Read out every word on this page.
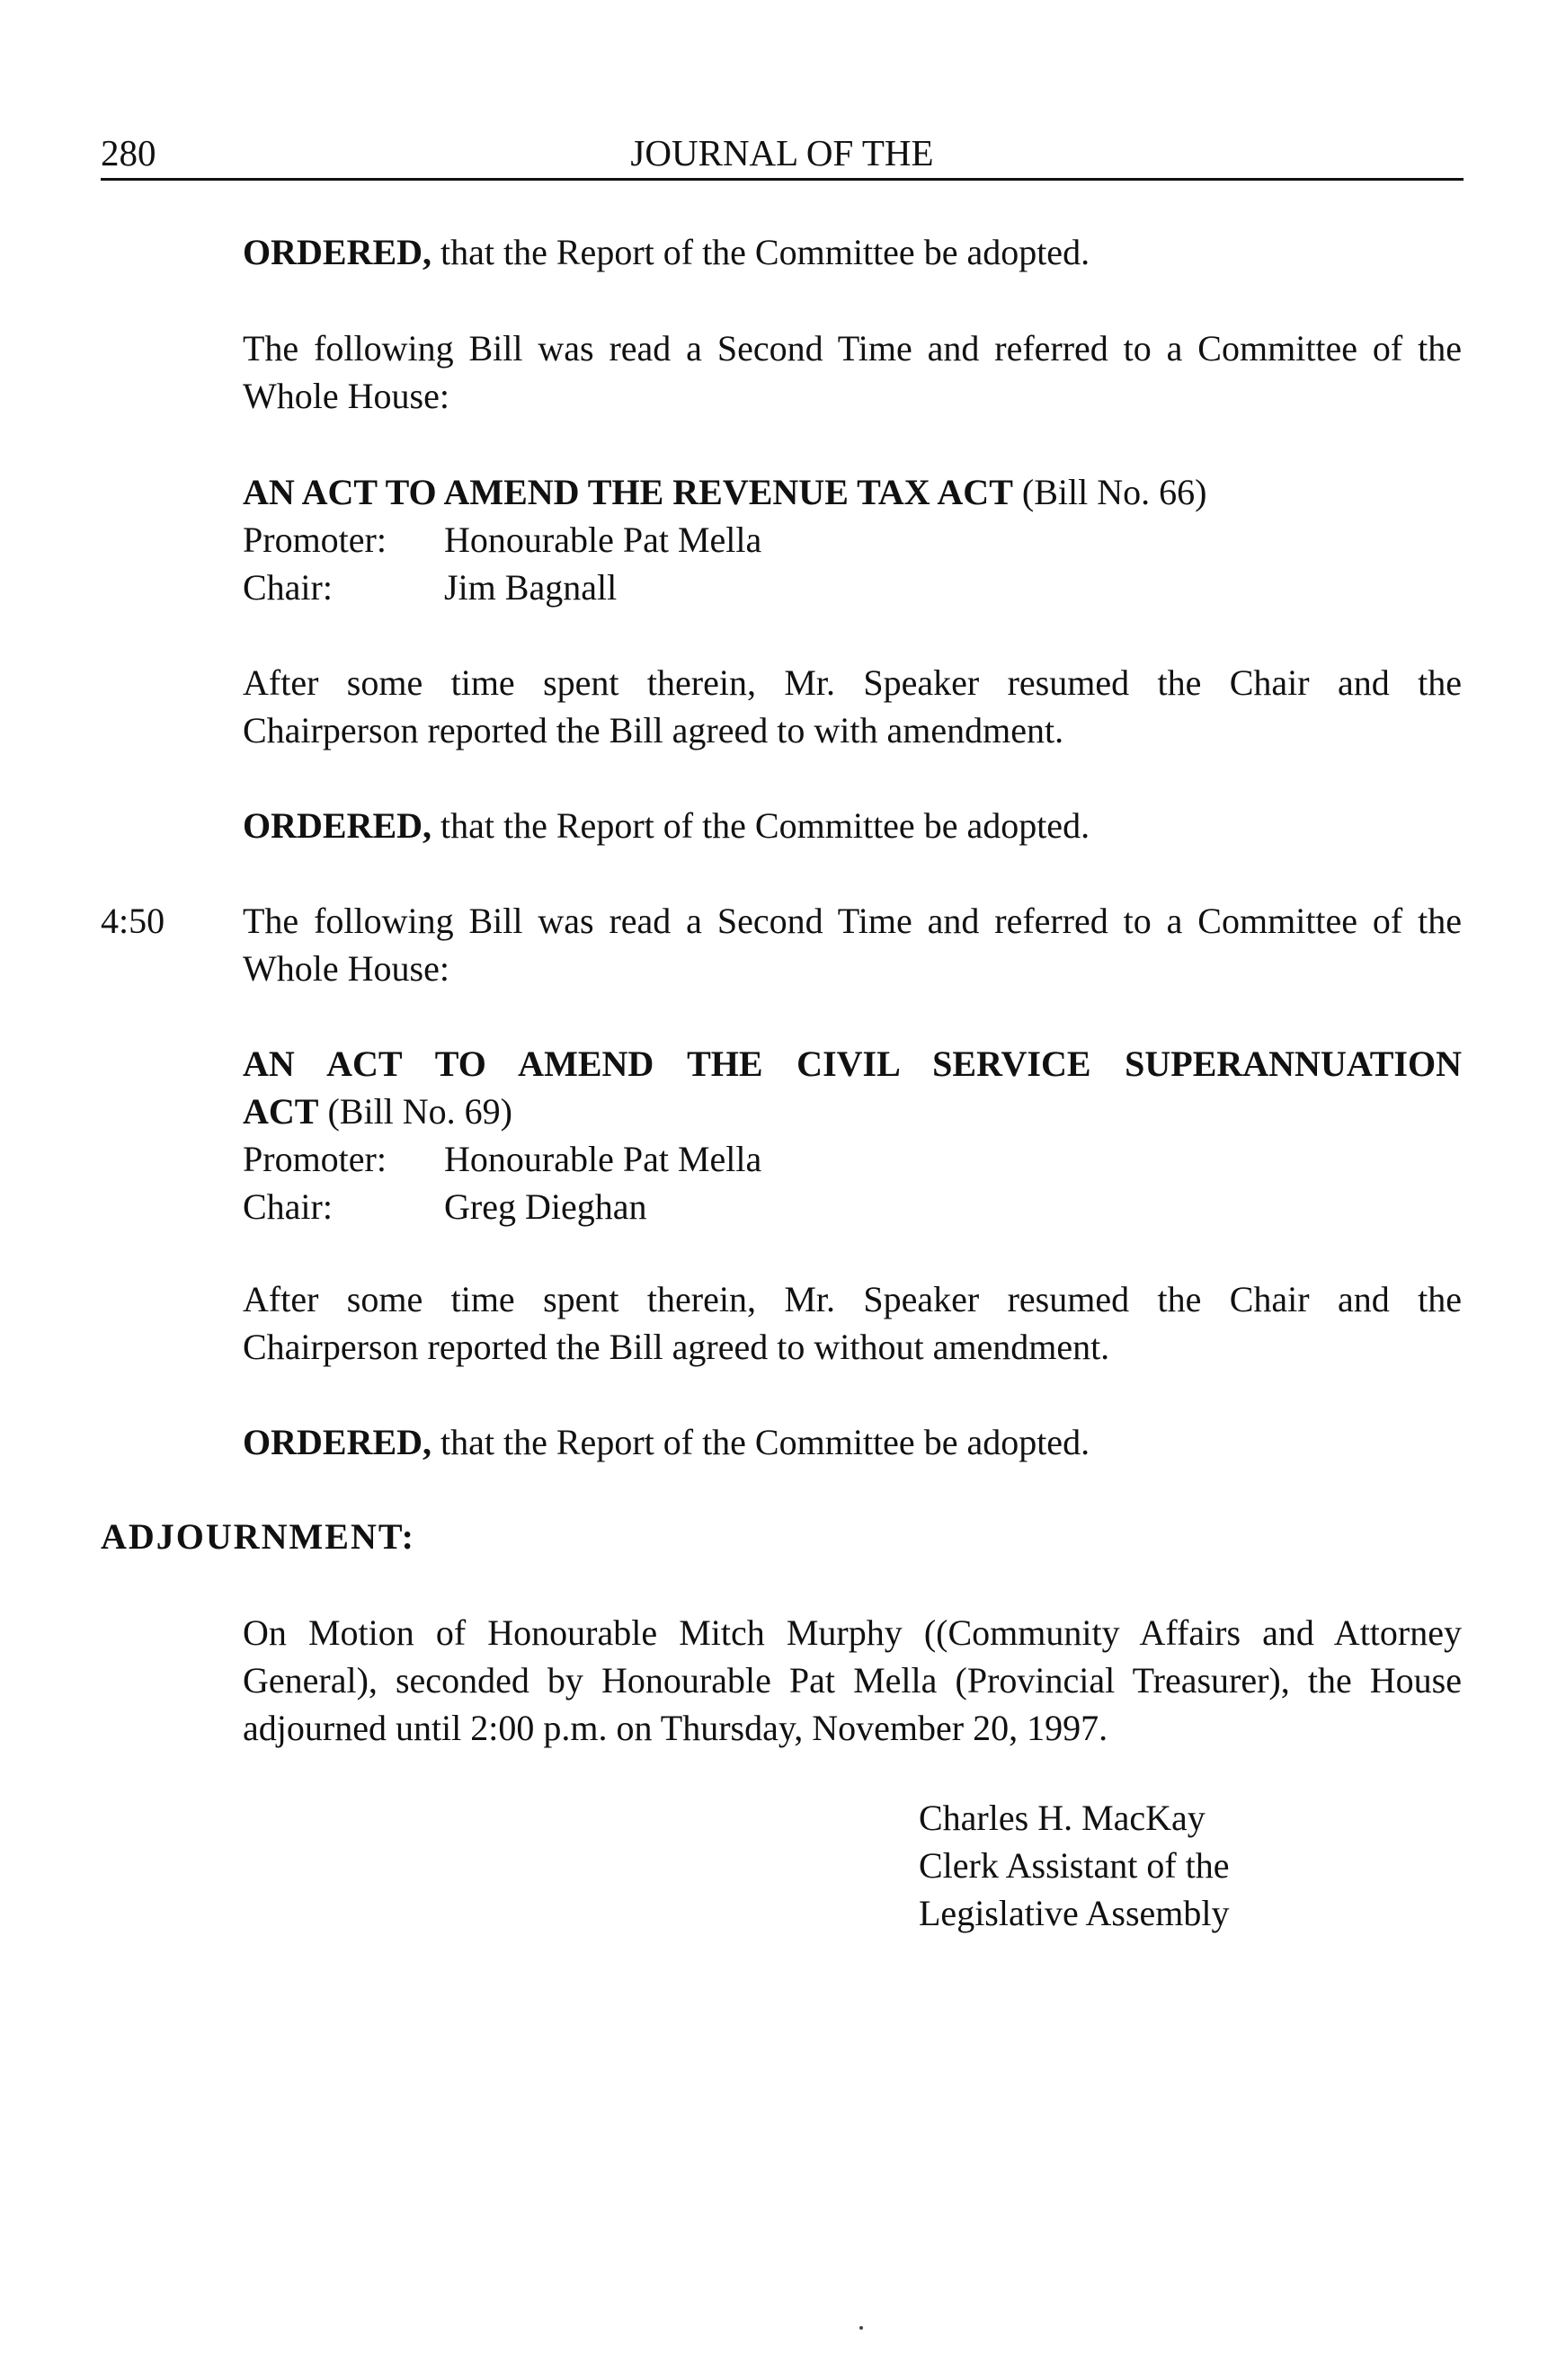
280	JOURNAL OF THE
ORDERED, that the Report of the Committee be adopted.
The following Bill was read a Second Time and referred to a Committee of the
Whole House:
AN ACT TO AMEND THE REVENUE TAX ACT (Bill No. 66)
Promoter:	Honourable Pat Mella
Chair:	Jim Bagnall
After some time spent therein, Mr. Speaker resumed the Chair and the
Chairperson reported the Bill agreed to with amendment.
ORDERED, that the Report of the Committee be adopted.
4:50 The following Bill was read a Second Time and referred to a Committee of the
Whole House:
AN ACT TO AMEND THE CIVIL SERVICE SUPERANNUATION
ACT (Bill No. 69)
Promoter:	Honourable Pat Mella
Chair:	Greg Dieghan
After some time spent therein, Mr. Speaker resumed the Chair and the
Chairperson reported the Bill agreed to without amendment.
ORDERED, that the Report of the Committee be adopted.
ADJOURNMENT:
On Motion of Honourable Mitch Murphy ((Community Affairs and Attorney
General), seconded by Honourable Pat Mella (Provincial Treasurer), the House
adjourned until 2:00 p.m. on Thursday, November 20, 1997.
Charles H. MacKay
Clerk Assistant of the
Legislative Assembly
